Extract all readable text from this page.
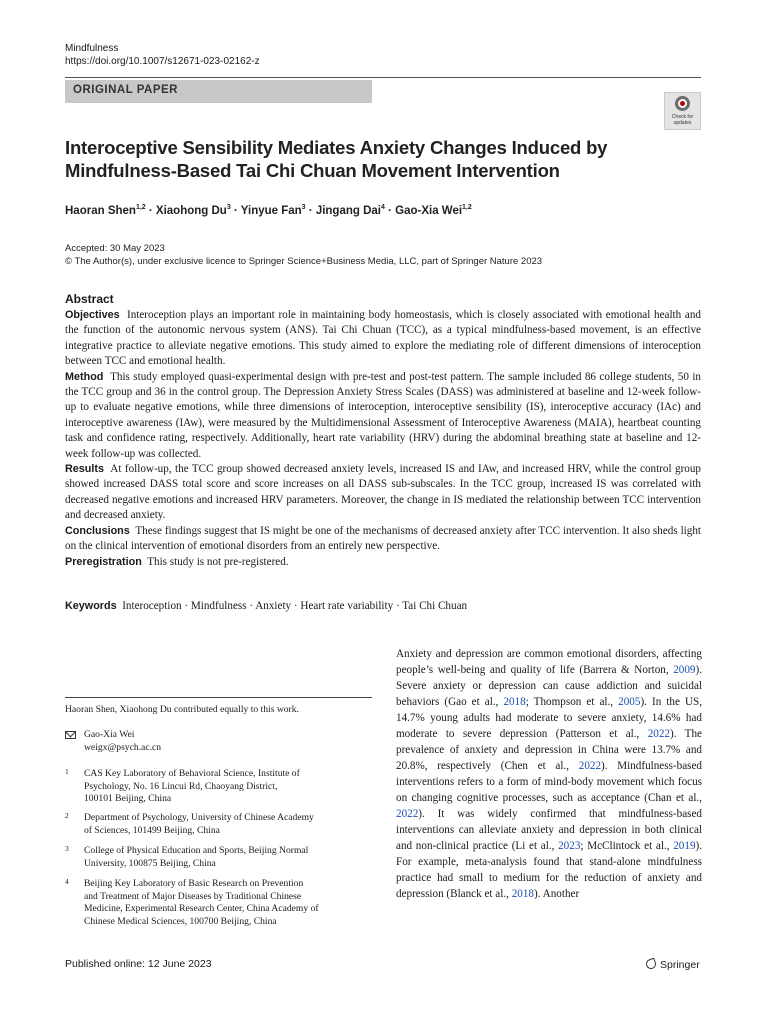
Mindfulness
https://doi.org/10.1007/s12671-023-02162-z
ORIGINAL PAPER
Check for
updates
Interoceptive Sensibility Mediates Anxiety Changes Induced by
Mindfulness-Based Tai Chi Chuan Movement Intervention
Haoran Shen$^{1,2}$ · Xiaohong $Du^3$ · Yinyue Fan$^3$ · Jingang Dai$^4$ · Gao-Xia Wei$^{1,2}$
Accepted: 30 May 2023
© The Author(s), under exclusive licence to Springer Science+Business Media, LLC, part of Springer Nature 2023
Abstract

Objectives Interoception plays an important role in maintaining body homeostasis, which is closely associated with emotional health and the function of the autonomic nervous system (ANS). Tai Chi Chuan (TCC), as a typical mindfulness-based movement, is an effective integrative practice to alleviate negative emotions. This study aimed to explore the mediating role of different dimensions of interoception between TCC and emotional health.

Method This study employed quasi-experimental design with pre-test and post-test pattern. The sample included 86 college students, 50 in the TCC group and 36 in the control group. The Depression Anxiety Stress Scales (DASS) was administered at baseline and 12-week follow-up to evaluate negative emotions, while three dimensions of interoception, interoceptive sensibility (IS), interoceptive accuracy (IAc) and interoceptive awareness (IAw), were measured by the Multidimensional Assessment of Interoceptive Awareness (MAIA), heartbeat counting task and confidence rating, respectively. Additionally, heart rate variability (HRV) during the abdominal breathing state at baseline and 12-week follow-up was collected.

Results At follow-up, the TCC group showed decreased anxiety levels, increased IS and IAw, and increased HRV, while the control group showed increased DASS total score and score increases on all DASS sub-subscales. In the TCC group, increased IS was correlated with decreased negative emotions and increased HRV parameters. Moreover, the change in IS mediated the relationship between TCC intervention and decreased anxiety.

Conclusions These findings suggest that IS might be one of the mechanisms of decreased anxiety after TCC intervention. It also sheds light on the clinical intervention of emotional disorders from an entirely new perspective.

Preregistration This study is not pre-registered.

Keywords Interoception · Mindfulness · Anxiety · Heart rate variability · Tai Chi Chuan
Haoran Shen, Xiaohong Du contributed equally to this work.
Gao-Xia Wei
weigx@psych.ac.cn
1 CAS Key Laboratory of Behavioral Science, Institute of
Psychology, No. 16 Lincui Rd, Chaoyang District,
100101 Beijing, China
2 Department of Psychology, University of Chinese Academy
of Sciences, 101499 Beijing, China
3 College of Physical Education and Sports, Beijing Normal
University, 100875 Beijing, China
4 Beijing Key Laboratory of Basic Research on Prevention
and Treatment of Major Diseases by Traditional Chinese
Medicine, Experimental Research Center, China Academy of
Chinese Medical Sciences, 100700 Beijing, China
Anxiety and depression are common emotional disorders, affecting people’s well-being and quality of life (Barrera & Norton, 2009). Severe anxiety or depression can cause addiction and suicidal behaviors (Gao et al., 2018; Thompson et al., 2005). In the US, 14.7% young adults had moderate to severe anxiety, 14.6% had moderate to severe depression (Patterson et al., 2022). The prevalence of anxiety and depression in China were 13.7% and 20.8%, respectively (Chen et al., 2022). Mindfulness-based interventions refers to a form of mind-body movement which focus on changing cognitive processes, such as acceptance (Chan et al., 2022). It was widely confirmed that mindfulness-based interventions can alleviate anxiety and depression in both clinical and non-clinical practice (Li et al., 2023; McClintock et al., 2019). For example, meta-analysis found that stand-alone mindfulness practice had small to medium for the reduction of anxiety and depression (Blanck et al., 2018). Another
Published online: 12 June 2023	Springer
